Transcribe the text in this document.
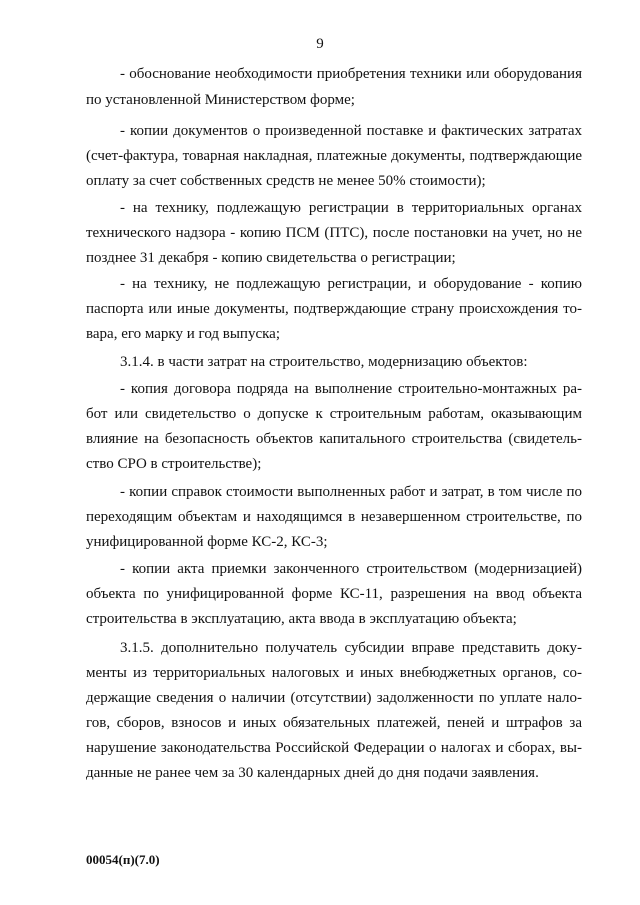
9
- обоснование необходимости приобретения техники или оборудования
по установленной Министерством форме;
- копии документов о произведенной поставке и фактических затратах
(счет-фактура, товарная накладная, платежные документы, подтверждающие
оплату за счет собственных средств не менее 50% стоимости);
- на технику, подлежащую регистрации в территориальных органах
технического надзора - копию ПСМ (ПТС), после постановки на учет, но не
позднее 31 декабря - копию свидетельства о регистрации;
- на технику, не подлежащую регистрации, и оборудование - копию
паспорта или иные документы, подтверждающие страну происхождения то-
вара, его марку и год выпуска;
3.1.4. в части затрат на строительство, модернизацию объектов:
- копия договора подряда на выполнение строительно-монтажных ра-
бот или свидетельство о допуске к строительным работам, оказывающим
влияние на безопасность объектов капитального строительства (свидетель-
ство СРО в строительстве);
- копии справок стоимости выполненных работ и затрат, в том числе по
переходящим объектам и находящимся в незавершенном строительстве, по
унифицированной форме КС-2, КС-3;
- копии акта приемки законченного строительством (модернизацией)
объекта по унифицированной форме КС-11, разрешения на ввод объекта
строительства в эксплуатацию, акта ввода в эксплуатацию объекта;
3.1.5. дополнительно получатель субсидии вправе представить доку-
менты из территориальных налоговых и иных внебюджетных органов, со-
держащие сведения о наличии (отсутствии) задолженности по уплате нало-
гов, сборов, взносов и иных обязательных платежей, пеней и штрафов за
нарушение законодательства Российской Федерации о налогах и сборах, вы-
данные не ранее чем за 30 календарных дней до дня подачи заявления.
00054(п)(7.0)
